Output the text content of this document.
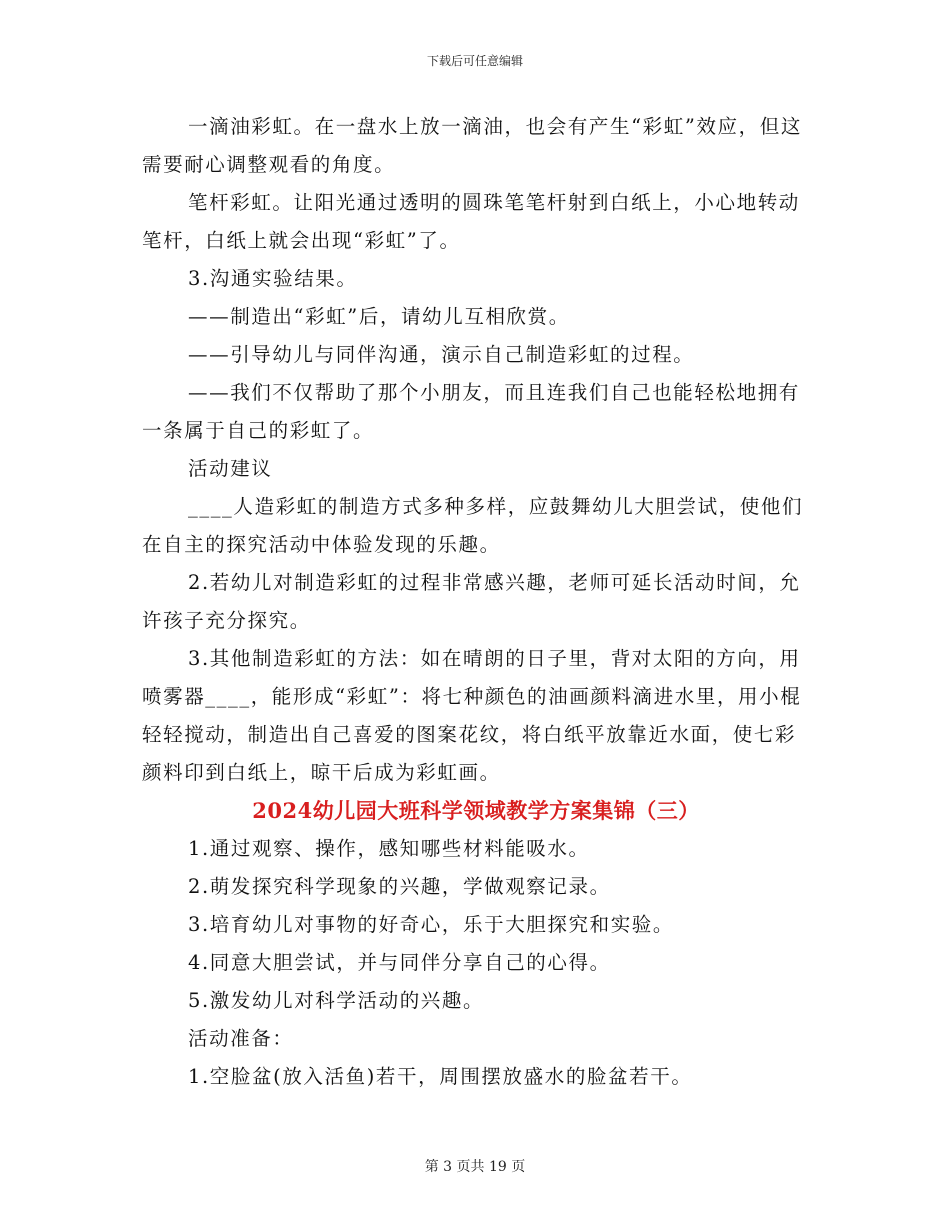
下载后可任意编辑

一滴油彩虹。在一盘水上放一滴油，也会有产生“彩虹”效应，但这需要耐心调整观看的角度。

笔杆彩虹。让阳光通过透明的圆珠笔笔杆射到白纸上，小心地转动笔杆，白纸上就会出现“彩虹”了。

3.沟通实验结果。

——制造出“彩虹”后，请幼儿互相欣赏。

——引导幼儿与同伴沟通，演示自己制造彩虹的过程。

——我们不仅帮助了那个小朋友，而且连我们自己也能轻松地拥有一条属于自己的彩虹了。

活动建议

____人造彩虹的制造方式多种多样，应鼓舞幼儿大胆尝试，使他们在自主的探究活动中体验发现的乐趣。

2.若幼儿对制造彩虹的过程非常感兴趣，老师可延长活动时间，允许孩子充分探究。

3.其他制造彩虹的方法：如在晴朗的日子里，背对太阳的方向，用喷雾器____，能形成“彩虹”：将七种颜色的油画颜料滴进水里，用小棍轻轻搅动，制造出自己喜爱的图案花纹，将白纸平放靠近水面，使七彩颜料印到白纸上，晾干后成为彩虹画。

2024幼儿园大班科学领域教学方案集锦（三）

1.通过观察、操作，感知哪些材料能吸水。

2.萌发探究科学现象的兴趣，学做观察记录。

3.培育幼儿对事物的好奇心，乐于大胆探究和实验。

4.同意大胆尝试，并与同伴分享自己的心得。

5.激发幼儿对科学活动的兴趣。

活动准备：

1.空脸盆(放入活鱼)若干，周围摆放盛水的脸盆若干。

第 3 页共 19 页
